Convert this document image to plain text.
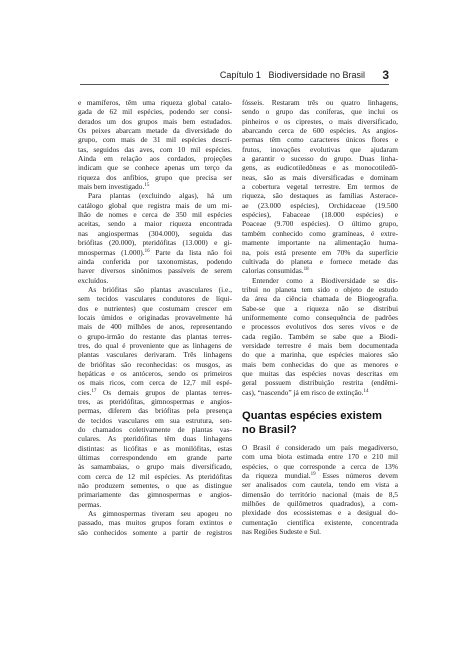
Capítulo 1 Biodiversidade no Brasil 3
e mamíferos, têm uma riqueza global catalo-
gada de 62 mil espécies, podendo ser consi-
derados um dos grupos mais bem estudados.
Os peixes abarcam metade da diversidade do
grupo, com mais de 31 mil espécies descri-
tas, seguidos das aves, com 10 mil espécies.
Ainda em relação aos cordados, projeções
indicam que se conhece apenas um terço da
riqueza dos anfíbios, grupo que precisa ser
mais bem investigado.$^{15}$
Para plantas (excluindo algas), há um
catálogo global que registra mais de um mi-
lhão de nomes e cerca de 350 mil espécies
aceitas, sendo a maior riqueza encontrada
nas angiospermas (304.000), seguida das
briófitas (20.000), pteridófitas (13.000) e gi-
mnospermas (1.000).$^{16}$ Parte da lista não foi
ainda conferida por taxonomistas, podendo
haver diversos sinônimos passíveis de serem
excluídos.
As briófitas são plantas avasculares (i.e.,
sem tecidos vasculares condutores de líqui-
dos e nutrientes) que costumam crescer em
locais úmidos e originadas provavelmente há
mais de 400 milhões de anos, representando
o grupo-irmão do restante das plantas terres-
tres, do qual é proveniente que as linhagens de
plantas vasculares derivaram. Três linhagens
de briófitas são reconhecidas: os musgos, as
hepáticas e os antóceros, sendo os primeiros
os mais ricos, com cerca de 12,7 mil espé-
cies.$^{17}$ Os demais grupos de plantas terres-
tres, as pteridófitas, gimnospermas e angios-
permas, diferem das briófitas pela presença
de tecidos vasculares em sua estrutura, sen-
do chamados coletivamente de plantas vas-
culares. As pteridófitas têm duas linhagens
distintas: as licófitas e as monilófitas, estas
últimas correspondendo em grande parte
às samambaias, o grupo mais diversificado,
com cerca de 12 mil espécies. As pteridófitas
não produzem sementes, o que as distingue
primariamente das gimnospermas e angios-
permas.
As gimnospermas tiveram seu apogeu no
passado, mas muitos grupos foram extintos e
são conhecidos somente a partir de registros
fósseis. Restaram três ou quatro linhagens,
sendo o grupo das coníferas, que inclui os
pinheiros e os ciprestes, o mais diversificado,
abarcando cerca de 600 espécies. As angios-
permas têm como caracteres únicos flores e
frutos, inovações evolutivas que ajudaram
a garantir o sucesso do grupo. Duas linha-
gens, as eudicotiledôneas e as monocotiledô-
neas, são as mais diversificadas e dominam
a cobertura vegetal terrestre. Em termos de
riqueza, são destaques as famílias Asterace-
ae (23.000 espécies), Orchidaceae (19.500
espécies), Fabaceae (18.000 espécies) e
Poaceae (9.700 espécies). O último grupo,
também conhecido como gramíneas, é extre-
mamente importante na alimentação huma-
na, pois está presente em 70% da superfície
cultivada do planeta e fornece metade das
calorias consumidas.$^{18}$
Entender como a Biodiversidade se dis-
tribui no planeta tem sido o objeto de estudo
da área da ciência chamada de Biogeografia.
Sabe-se que a riqueza não se distribui
uniformemente como consequência de padrões
e processos evolutivos dos seres vivos e de
cada região. Também se sabe que a Biodi-
versidade terrestre é mais bem documentada
do que a marinha, que espécies maiores são
mais bem conhecidas do que as menores e
que muitas das espécies novas descritas em
geral possuem distribuição restrita (endêmi-
cas), “nascendo” já em risco de extinção.$^{14}$
Quantas espécies existem no Brasil?
O Brasil é considerado um país megadiverso,
com uma biota estimada entre 170 e 210 mil
espécies, o que corresponde a cerca de 13%
da riqueza mundial.$^{19}$ Esses números devem
ser analisados com cautela, tendo em vista a
dimensão do território nacional (mais de 8,5
milhões de quilômetros quadrados), a com-
plexidade dos ecossistemas e a desigual do-
cumentação científica existente, concentrada
nas Regiões Sudeste e Sul.
